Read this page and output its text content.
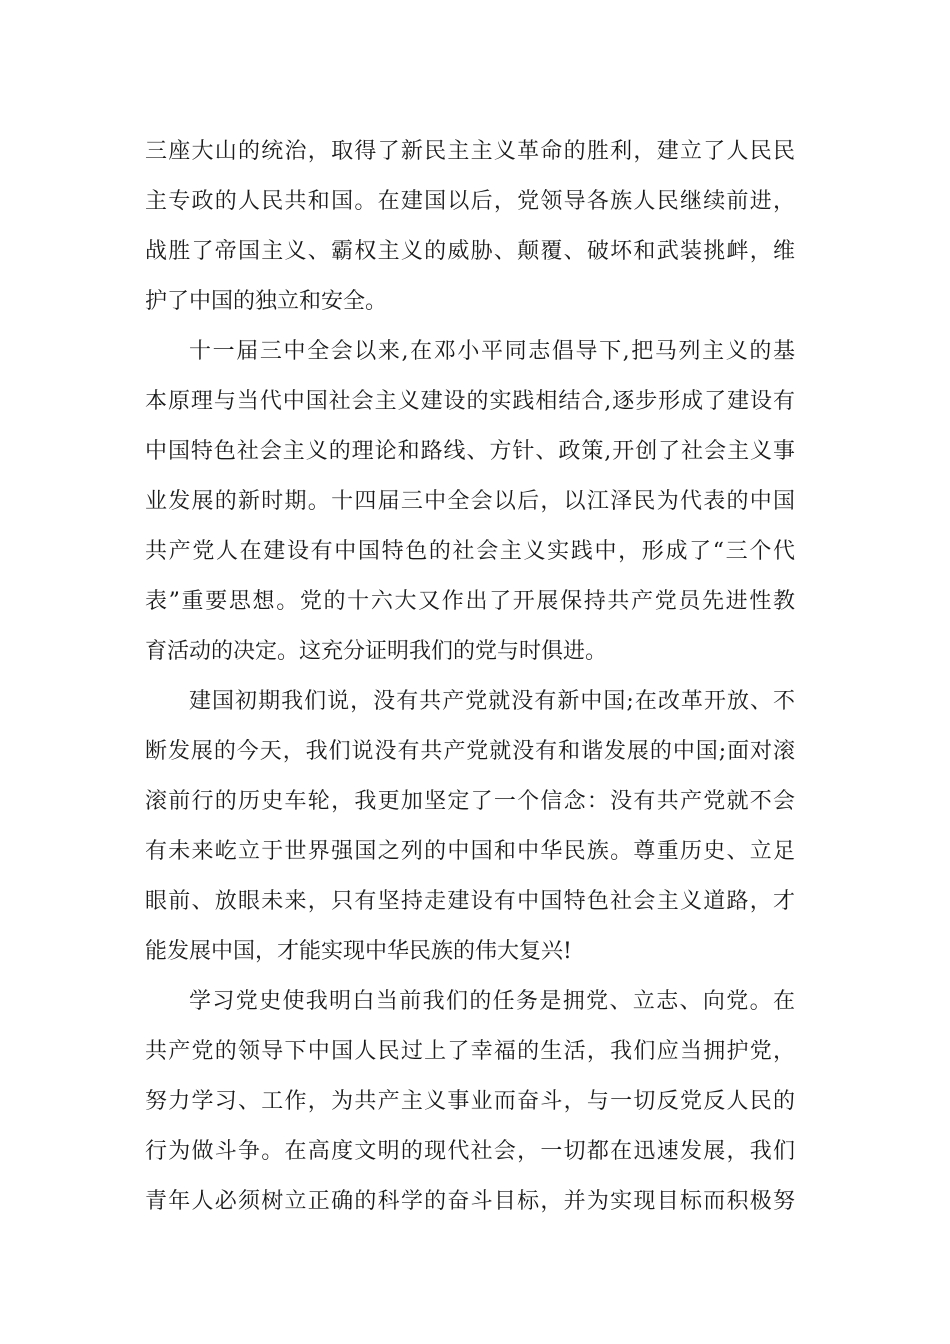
三座大山的统治，取得了新民主主义革命的胜利，建立了人民民
主专政的人民共和国。在建国以后，党领导各族人民继续前进，
战胜了帝国主义、霸权主义的威胁、颠覆、破坏和武装挑衅，维
护了中国的独立和安全。
十一届三中全会以来,在邓小平同志倡导下,把马列主义的基
本原理与当代中国社会主义建设的实践相结合,逐步形成了建设有
中国特色社会主义的理论和路线、方针、政策,开创了社会主义事
业发展的新时期。十四届三中全会以后，以江泽民为代表的中国
共产党人在建设有中国特色的社会主义实践中，形成了“三个代
表”重要思想。党的十六大又作出了开展保持共产党员先进性教
育活动的决定。这充分证明我们的党与时俱进。
建国初期我们说，没有共产党就没有新中国;在改革开放、不
断发展的今天，我们说没有共产党就没有和谐发展的中国;面对滚
滚前行的历史车轮，我更加坚定了一个信念：没有共产党就不会
有未来屹立于世界强国之列的中国和中华民族。尊重历史、立足
眼前、放眼未来，只有坚持走建设有中国特色社会主义道路，才
能发展中国，才能实现中华民族的伟大复兴!
学习党史使我明白当前我们的任务是拥党、立志、向党。在
共产党的领导下中国人民过上了幸福的生活，我们应当拥护党，
努力学习、工作，为共产主义事业而奋斗，与一切反党反人民的
行为做斗争。在高度文明的现代社会，一切都在迅速发展，我们
青年人必须树立正确的科学的奋斗目标，并为实现目标而积极努
